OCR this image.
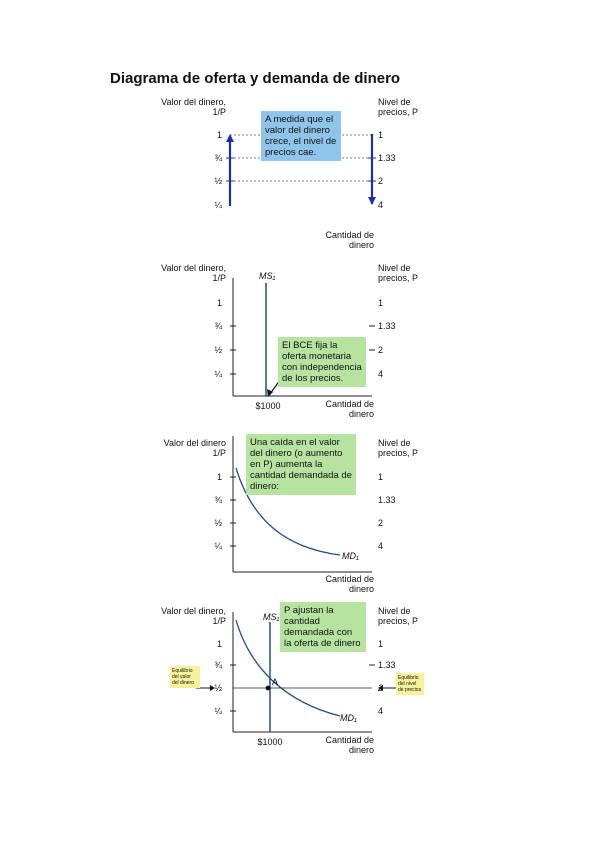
Diagrama de oferta y demanda de dinero
Valor del dinero, 1/P
Nivel de precios, P
1
¾
½
¼
1
1.33
2
4
Cantidad de dinero
A medida que el valor del dinero crece, el nivel de precios cae.
Valor del dinero, 1/P
Nivel de precios, P
1
¾
½
¼
1
1.33
2
4
MS₁
$1000	Cantidad de dinero
El BCE fija la oferta monetaria con independencia de los precios.
Valor del dinero 1/P
Nivel de precios, P
1
¾
½
¼
1
1.33
2
4
MD₁
Cantidad de dinero
Una caída en el valor del dinero (o aumento en P) aumenta la cantidad demandada de dinero:
Valor del dinero, 1/P
Nivel de precios, P
1
¾
½
¼
1
1.33
2
4
MS₁
MD₁
A
$1000	Cantidad de dinero
P ajustan la cantidad demandada con la oferta de dinero
Equilibrio del valor del dinero
Equilibrio del nivel de precios
